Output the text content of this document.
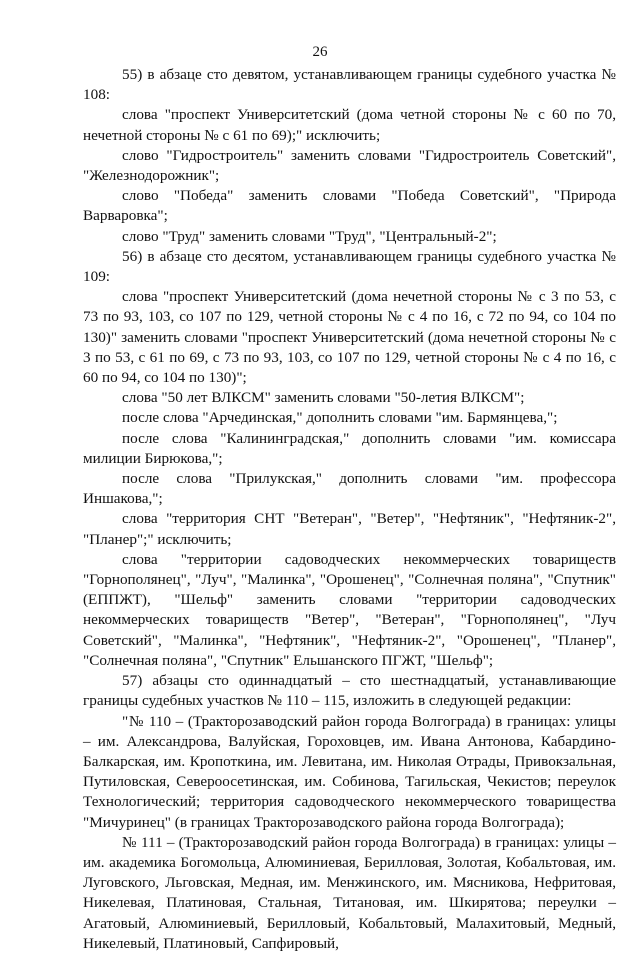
26

55) в абзаце сто девятом, устанавливающем границы судебного участка № 108:

слова "проспект Университетский (дома четной стороны № с 60 по 70, нечетной стороны № с 61 по 69);" исключить;

слово "Гидростроитель" заменить словами "Гидростроитель Советский", "Железнодорожник";

слово "Победа" заменить словами "Победа Советский", "Природа Варваровка";

слово "Труд" заменить словами "Труд", "Центральный-2";

56) в абзаце сто десятом, устанавливающем границы судебного участка № 109:

слова "проспект Университетский (дома нечетной стороны № с 3 по 53, с 73 по 93, 103, со 107 по 129, четной стороны № с 4 по 16, с 72 по 94, со 104 по 130)" заменить словами "проспект Университетский (дома нечетной стороны № с 3 по 53, с 61 по 69, с 73 по 93, 103, со 107 по 129, четной стороны № с 4 по 16, с 60 по 94, со 104 по 130)";

слова "50 лет ВЛКСМ" заменить словами "50-летия ВЛКСМ";

после слова "Арчединская," дополнить словами "им. Бармянцева,";

после слова "Калининградская," дополнить словами "им. комиссара милиции Бирюкова,";

после слова "Прилукская," дополнить словами "им. профессора Иншакова,";

слова "территория СНТ "Ветеран", "Ветер", "Нефтяник", "Нефтяник-2", "Планер";" исключить;

слова "территории садоводческих некоммерческих товариществ "Горнополянец", "Луч", "Малинка", "Орошенец", "Солнечная поляна", "Спутник" (ЕППЖТ), "Шельф" заменить словами "территории садоводческих некоммерческих товариществ "Ветер", "Ветеран", "Горнополянец", "Луч Советский", "Малинка", "Нефтяник", "Нефтяник-2", "Орошенец", "Планер", "Солнечная поляна", "Спутник" Ельшанского ПГЖТ, "Шельф";

57) абзацы сто одиннадцатый – сто шестнадцатый, устанавливающие границы судебных участков № 110 – 115, изложить в следующей редакции:

"№ 110 – (Тракторозаводский район города Волгограда) в границах: улицы – им. Александрова, Валуйская, Гороховцев, им. Ивана Антонова, Кабардино-Балкарская, им. Кропоткина, им. Левитана, им. Николая Отрады, Привокзальная, Путиловская, Североосетинская, им. Собинова, Тагильская, Чекистов; переулок Технологический; территория садоводческого некоммерческого товарищества "Мичуринец" (в границах Тракторозаводского района города Волгограда);

№ 111 – (Тракторозаводский район города Волгограда) в границах: улицы – им. академика Богомольца, Алюминиевая, Берилловая, Золотая, Кобальтовая, им. Луговского, Льговская, Медная, им. Менжинского, им. Мясникова, Нефритовая, Никелевая, Платиновая, Стальная, Титановая, им. Шкирятова; переулки – Агатовый, Алюминиевый, Берилловый, Кобальтовый, Малахитовый, Медный, Никелевый, Платиновый, Сапфировый,
